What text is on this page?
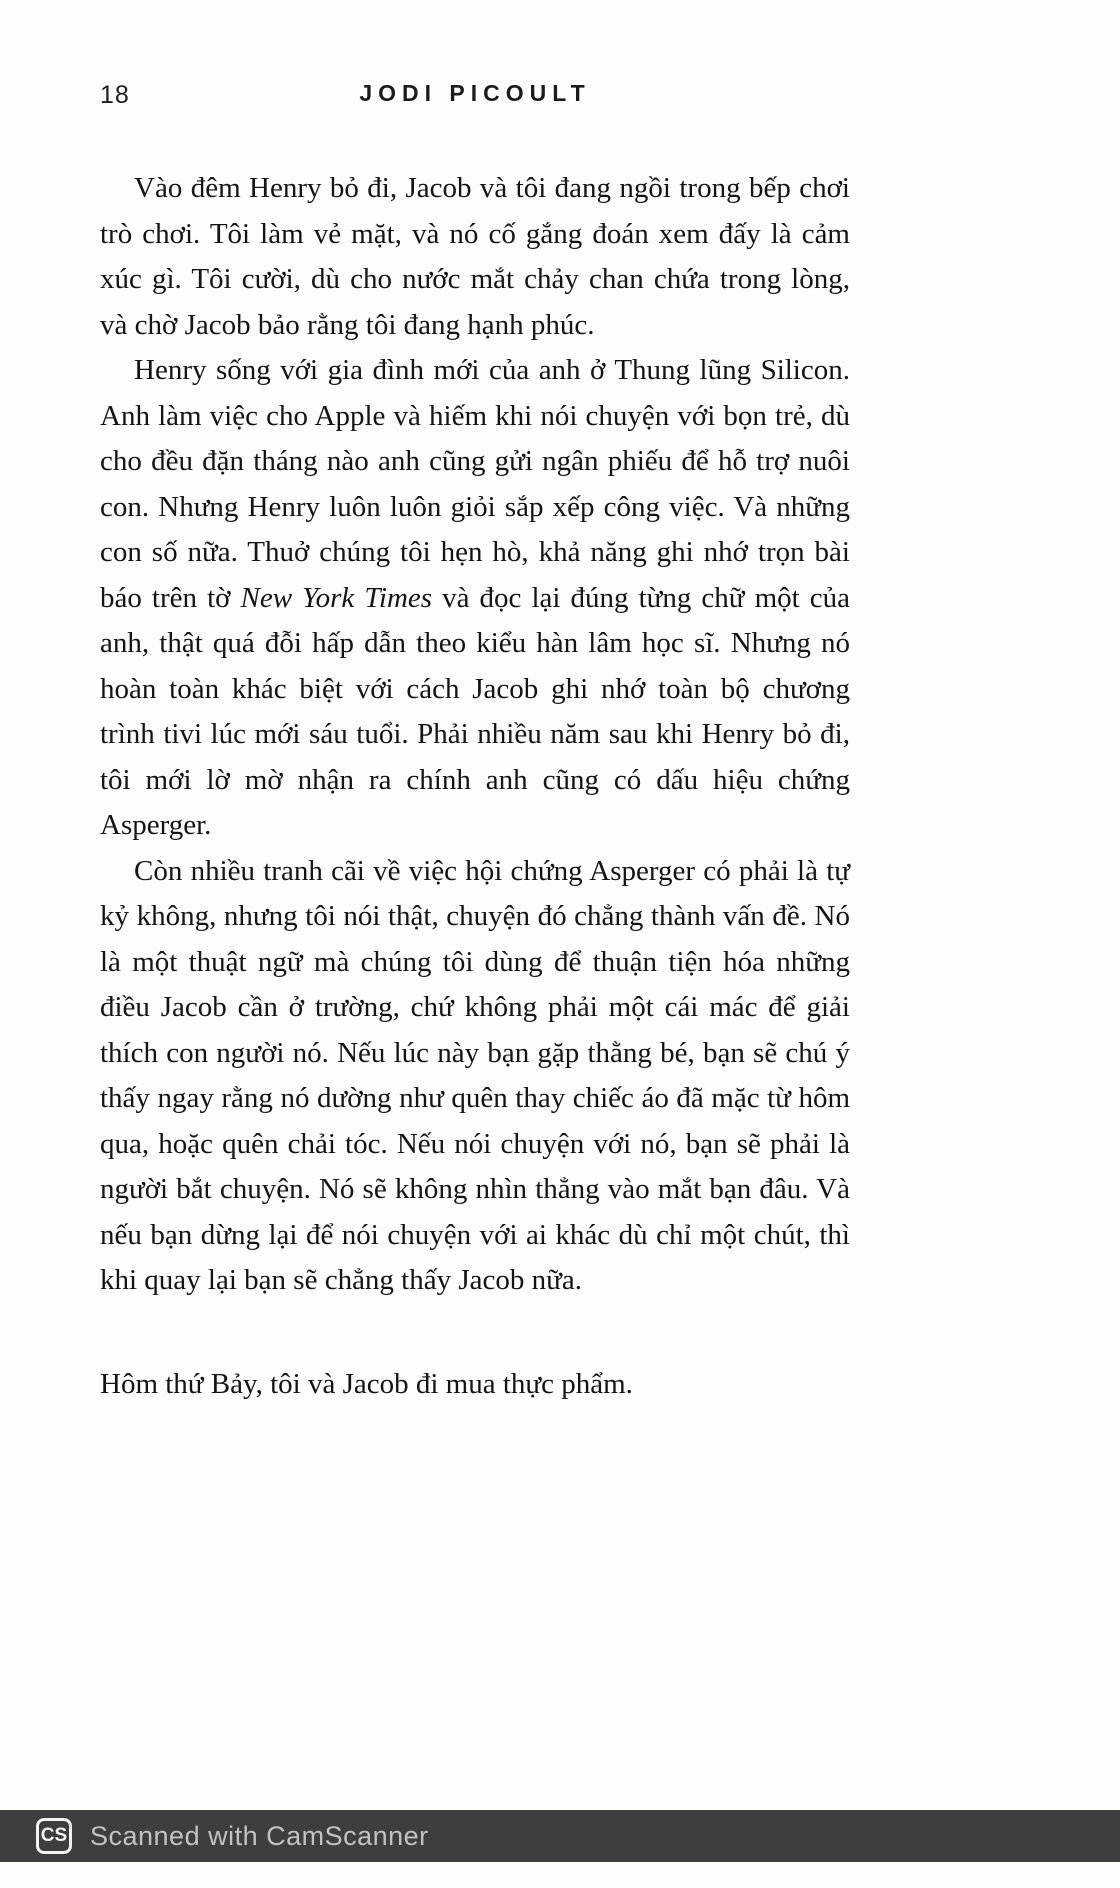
18	JODI PICOULT

Vào đêm Henry bỏ đi, Jacob và tôi đang ngồi trong bếp chơi trò chơi. Tôi làm vẻ mặt, và nó cố gắng đoán xem đấy là cảm xúc gì. Tôi cười, dù cho nước mắt chảy chan chứa trong lòng, và chờ Jacob bảo rằng tôi đang hạnh phúc.

Henry sống với gia đình mới của anh ở Thung lũng Silicon. Anh làm việc cho Apple và hiếm khi nói chuyện với bọn trẻ, dù cho đều đặn tháng nào anh cũng gửi ngân phiếu để hỗ trợ nuôi con. Nhưng Henry luôn luôn giỏi sắp xếp công việc. Và những con số nữa. Thuở chúng tôi hẹn hò, khả năng ghi nhớ trọn bài báo trên tờ New York Times và đọc lại đúng từng chữ một của anh, thật quá đỗi hấp dẫn theo kiểu hàn lâm học sĩ. Nhưng nó hoàn toàn khác biệt với cách Jacob ghi nhớ toàn bộ chương trình tivi lúc mới sáu tuổi. Phải nhiều năm sau khi Henry bỏ đi, tôi mới lờ mờ nhận ra chính anh cũng có dấu hiệu chứng Asperger.

Còn nhiều tranh cãi về việc hội chứng Asperger có phải là tự kỷ không, nhưng tôi nói thật, chuyện đó chẳng thành vấn đề. Nó là một thuật ngữ mà chúng tôi dùng để thuận tiện hóa những điều Jacob cần ở trường, chứ không phải một cái mác để giải thích con người nó. Nếu lúc này bạn gặp thằng bé, bạn sẽ chú ý thấy ngay rằng nó dường như quên thay chiếc áo đã mặc từ hôm qua, hoặc quên chải tóc. Nếu nói chuyện với nó, bạn sẽ phải là người bắt chuyện. Nó sẽ không nhìn thẳng vào mắt bạn đâu. Và nếu bạn dừng lại để nói chuyện với ai khác dù chỉ một chút, thì khi quay lại bạn sẽ chẳng thấy Jacob nữa.

Hôm thứ Bảy, tôi và Jacob đi mua thực phẩm.

CS Scanned with CamScanner
